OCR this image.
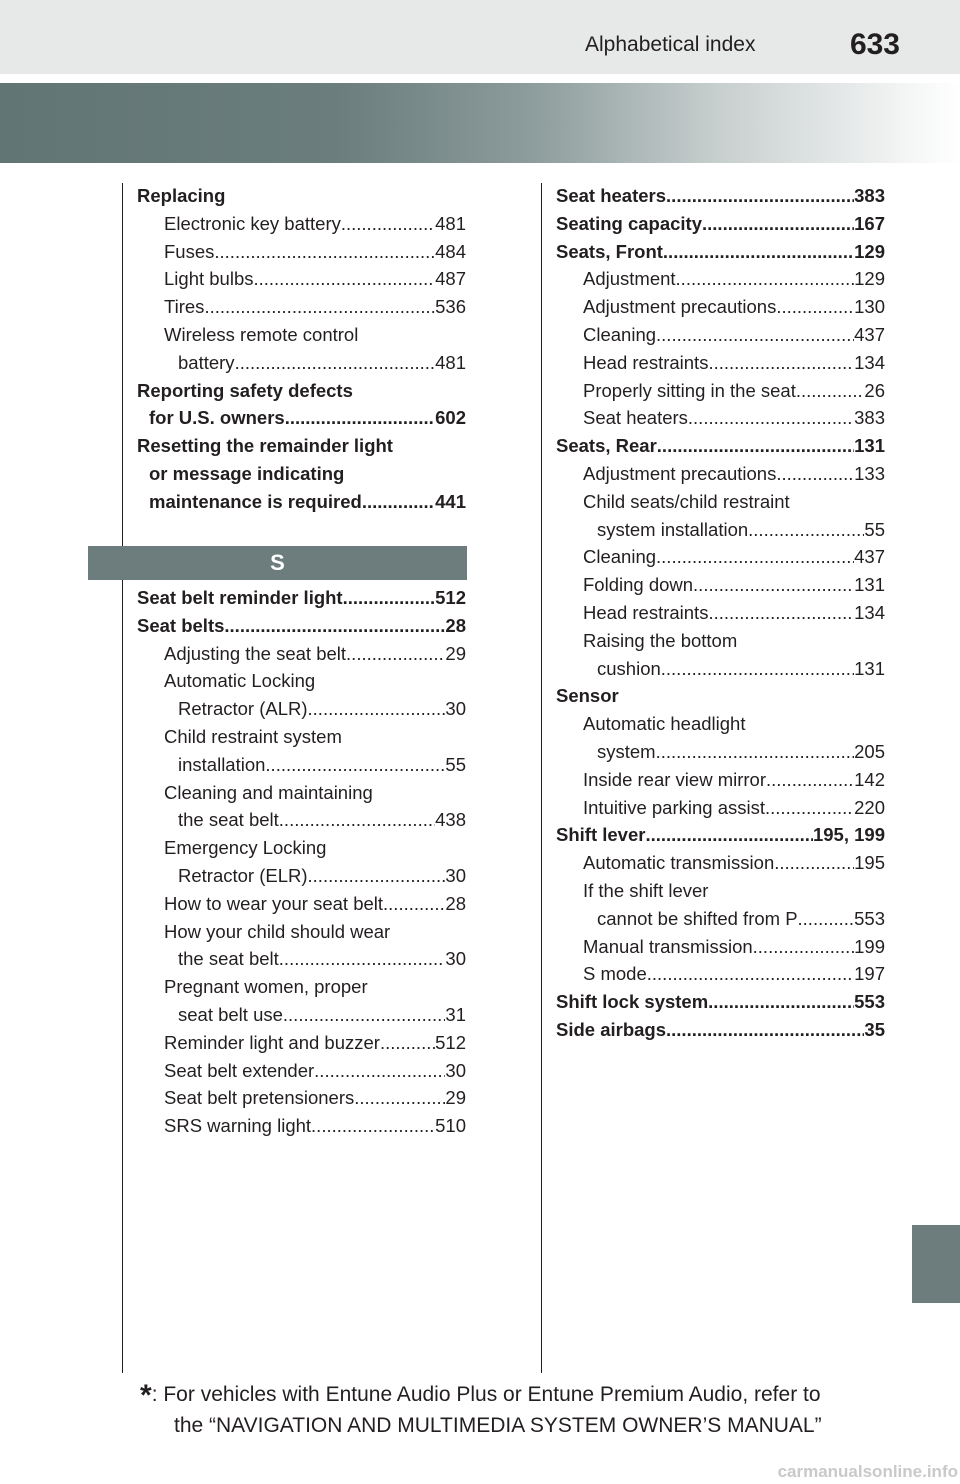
Alphabetical index	633
Replacing
Electronic key battery .....	481
Fuses .....	484
Light bulbs .....	487
Tires .....	536
Wireless remote control
battery .....	481
Reporting safety defects
for U.S. owners .....	602
Resetting the remainder light
or message indicating
maintenance is required .....	441
S
Seat belt reminder light .....	512
Seat belts .....	28
Adjusting the seat belt .....	29
Automatic Locking
Retractor (ALR) .....	30
Child restraint system
installation .....	55
Cleaning and maintaining
the seat belt .....	438
Emergency Locking
Retractor (ELR) .....	30
How to wear your seat belt .....	28
How your child should wear
the seat belt .....	30
Pregnant women, proper
seat belt use .....	31
Reminder light and buzzer .....	512
Seat belt extender .....	30
Seat belt pretensioners .....	29
SRS warning light .....	510
Seat heaters .....	383
Seating capacity .....	167
Seats, Front .....	129
Adjustment .....	129
Adjustment precautions .....	130
Cleaning .....	437
Head restraints .....	134
Properly sitting in the seat .....	26
Seat heaters .....	383
Seats, Rear .....	131
Adjustment precautions .....	133
Child seats/child restraint
system installation .....	55
Cleaning .....	437
Folding down .....	131
Head restraints .....	134
Raising the bottom
cushion .....	131
Sensor
Automatic headlight
system .....	205
Inside rear view mirror .....	142
Intuitive parking assist .....	220
Shift lever .....	195, 199
Automatic transmission .....	195
If the shift lever
cannot be shifted from P .....	553
Manual transmission .....	199
S mode .....	197
Shift lock system .....	553
Side airbags .....	35
*: For vehicles with Entune Audio Plus or Entune Premium Audio, refer to
the “NAVIGATION AND MULTIMEDIA SYSTEM OWNER’S MANUAL”
carmanualsonline.info
